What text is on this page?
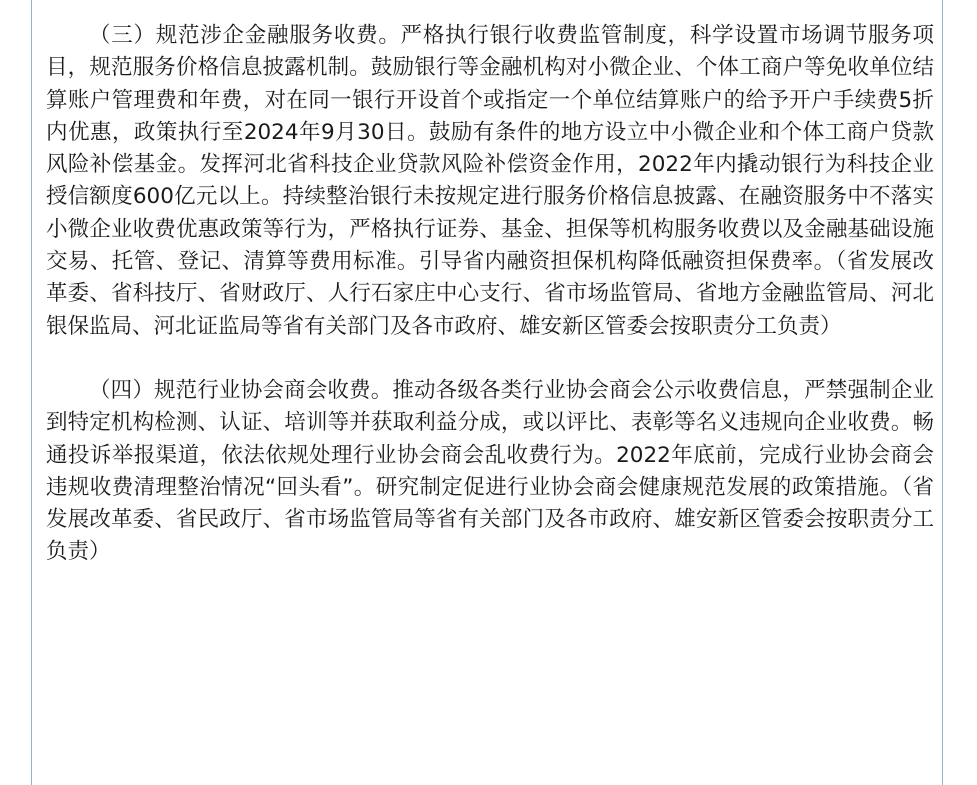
（三）规范涉企金融服务收费。严格执行银行收费监管制度，科学设置市场调节服务项目，规范服务价格信息披露机制。鼓励银行等金融机构对小微企业、个体工商户等免收单位结算账户管理费和年费，对在同一银行开设首个或指定一个单位结算账户的给予开户手续费5折内优惠，政策执行至2024年9月30日。鼓励有条件的地方设立中小微企业和个体工商户贷款风险补偿基金。发挥河北省科技企业贷款风险补偿资金作用，2022年内撬动银行为科技企业授信额度600亿元以上。持续整治银行未按规定进行服务价格信息披露、在融资服务中不落实小微企业收费优惠政策等行为，严格执行证券、基金、担保等机构服务收费以及金融基础设施交易、托管、登记、清算等费用标准。引导省内融资担保机构降低融资担保费率。（省发展改革委、省科技厅、省财政厅、人行石家庄中心支行、省市场监管局、省地方金融监管局、河北银保监局、河北证监局等省有关部门及各市政府、雄安新区管委会按职责分工负责）

（四）规范行业协会商会收费。推动各级各类行业协会商会公示收费信息，严禁强制企业到特定机构检测、认证、培训等并获取利益分成，或以评比、表彰等名义违规向企业收费。畅通投诉举报渠道，依法依规处理行业协会商会乱收费行为。2022年底前，完成行业协会商会违规收费清理整治情况“回头看”。研究制定促进行业协会商会健康规范发展的政策措施。（省发展改革委、省民政厅、省市场监管局等省有关部门及各市政府、雄安新区管委会按职责分工负责）
